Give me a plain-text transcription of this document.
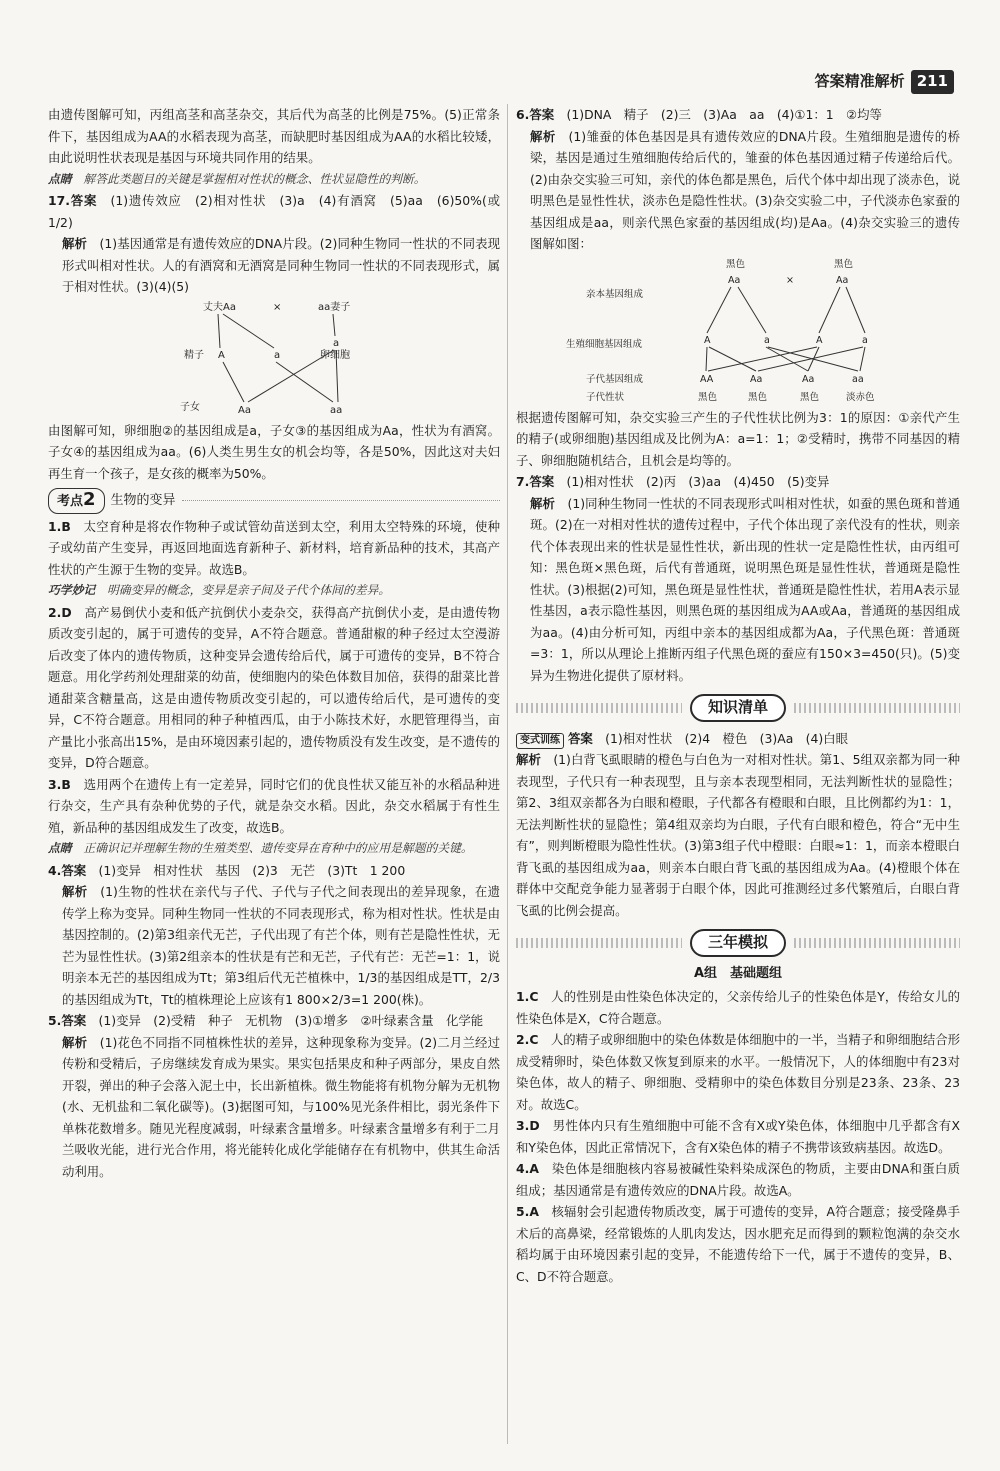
答案精准解析 211

由遗传图解可知，丙组高茎和高茎杂交，其后代为高茎的比例是75%。(5)正常条件下，基因组成为AA的水稻表现为高茎，而缺肥时基因组成为AA的水稻比较矮，由此说明性状表现是基因与环境共同作用的结果。

点睛　 解答此类题目的关键是掌握相对性状的概念、性状显隐性的判断。

17.答案　 (1)遗传效应　(2)相对性状　(3)a　(4)有酒窝　(5)aa　(6)50%(或1/2)

解析　 (1)基因通常是有遗传效应的DNA片段。(2)同种生物同一性状的不同表现形式叫相对性状。人的有酒窝和无酒窝是同种生物同一性状的不同表现形式，属于相对性状。(3)(4)(5)

丈夫Aa	×	aa妻子
精子	卵细胞
子女
A	a
a
Aa	aa

由图解可知，卵细胞②的基因组成是a，子女③的基因组成为Aa，性状为有酒窝。子女④的基因组成为aa。(6)人类生男生女的机会均等，各是50%，因此这对夫妇再生育一个孩子，是女孩的概率为50%。

考点2	生物的变异

1.B　 太空育种是将农作物种子或试管幼苗送到太空，利用太空特殊的环境，使种子或幼苗产生变异，再返回地面选育新种子、新材料，培育新品种的技术，其高产性状的产生源于生物的变异。故选B。

巧学妙记　 明确变异的概念，变异是亲子间及子代个体间的差异。

2.D　 高产易倒伏小麦和低产抗倒伏小麦杂交，获得高产抗倒伏小麦，是由遗传物质改变引起的，属于可遗传的变异，A不符合题意。普通甜椒的种子经过太空漫游后改变了体内的遗传物质，这种变异会遗传给后代，属于可遗传的变异，B不符合题意。用化学药剂处理甜菜的幼苗，使细胞内的染色体数目加倍，获得的甜菜比普通甜菜含糖量高，这是由遗传物质改变引起的，可以遗传给后代，是可遗传的变异，C不符合题意。用相同的种子种植西瓜，由于小陈技术好，水肥管理得当，亩产量比小张高出15%，是由环境因素引起的，遗传物质没有发生改变，是不遗传的变异，D符合题意。

3.B　 选用两个在遗传上有一定差异，同时它们的优良性状又能互补的水稻品种进行杂交，生产具有杂种优势的子代，就是杂交水稻。因此，杂交水稻属于有性生殖，新品种的基因组成发生了改变，故选B。

点睛　 正确识记并理解生物的生殖类型、遗传变异在育种中的应用是解题的关键。

4.答案　 (1)变异　相对性状　基因　(2)3　无芒　(3)Tt　1 200

解析　 (1)生物的性状在亲代与子代、子代与子代之间表现出的差异现象，在遗传学上称为变异。同种生物同一性状的不同表现形式，称为相对性状。性状是由基因控制的。(2)第3组亲代无芒，子代出现了有芒个体，则有芒是隐性性状，无芒为显性性状。(3)第2组亲本的性状是有芒和无芒，子代有芒：无芒=1：1，说明亲本无芒的基因组成为Tt；第3组后代无芒植株中，1/3的基因组成是TT，2/3的基因组成为Tt，Tt的植株理论上应该有1 800×2/3=1 200(株)。

5.答案　 (1)变异　(2)受精　种子　无机物　(3)①增多　②叶绿素含量　化学能

解析　 (1)花色不同指不同植株性状的差异，这种现象称为变异。(2)二月兰经过传粉和受精后，子房继续发育成为果实。果实包括果皮和种子两部分，果皮自然开裂，弹出的种子会落入泥土中，长出新植株。微生物能将有机物分解为无机物(水、无机盐和二氧化碳等)。(3)据图可知，与100%见光条件相比，弱光条件下单株花数增多。随见光程度减弱，叶绿素含量增多。叶绿素含量增多有利于二月兰吸收光能，进行光合作用，将光能转化成化学能储存在有机物中，供其生命活动利用。

6.答案　 (1)DNA　精子　(2)三　(3)Aa　aa　(4)①1：1　②均等

解析　 (1)雏蚕的体色基因是具有遗传效应的DNA片段。生殖细胞是遗传的桥梁，基因是通过生殖细胞传给后代的，雏蚕的体色基因通过精子传递给后代。(2)由杂交实验三可知，亲代的体色都是黑色，后代个体中却出现了淡赤色，说明黑色是显性性状，淡赤色是隐性性状。(3)杂交实验二中，子代淡赤色家蚕的基因组成是aa，则亲代黑色家蚕的基因组成(均)是Aa。(4)杂交实验三的遗传图解如图：

亲本基因组成
生殖细胞基因组成
子代基因组成
子代性状
黑色	黑色
Aa	×	Aa
A	a	A	a
AA	Aa	Aa	aa
黑色	黑色	黑色	淡赤色

根据遗传图解可知，杂交实验三产生的子代性状比例为3：1的原因：①亲代产生的精子(或卵细胞)基因组成及比例为A：a=1：1；②受精时，携带不同基因的精子、卵细胞随机结合，且机会是均等的。

7.答案　 (1)相对性状　(2)丙　(3)aa　(4)450　(5)变异

解析　 (1)同种生物同一性状的不同表现形式叫相对性状，如蚕的黑色斑和普通斑。(2)在一对相对性状的遗传过程中，子代个体出现了亲代没有的性状，则亲代个体表现出来的性状是显性性状，新出现的性状一定是隐性性状，由丙组可知：黑色斑×黑色斑，后代有普通斑，说明黑色斑是显性性状，普通斑是隐性性状。(3)根据(2)可知，黑色斑是显性性状，普通斑是隐性性状，若用A表示显性基因，a表示隐性基因，则黑色斑的基因组成为AA或Aa，普通斑的基因组成为aa。(4)由分析可知，丙组中亲本的基因组成都为Aa，子代黑色斑：普通斑=3：1，所以从理论上推断丙组子代黑色斑的蚕应有150×3=450(只)。(5)变异为生物进化提供了原材料。

知识清单

变式训练 答案　 (1)相对性状　(2)4　橙色　(3)Aa　(4)白眼

解析　 (1)白背飞虱眼睛的橙色与白色为一对相对性状。第1、5组双亲都为同一种表现型，子代只有一种表现型，且与亲本表现型相同，无法判断性状的显隐性；第2、3组双亲都各为白眼和橙眼，子代都各有橙眼和白眼，且比例都约为1：1，无法判断性状的显隐性；第4组双亲均为白眼，子代有白眼和橙色，符合“无中生有”，则判断橙眼为隐性性状。(3)第3组子代中橙眼：白眼≈1：1，而亲本橙眼白背飞虱的基因组成为aa，则亲本白眼白背飞虱的基因组成为Aa。(4)橙眼个体在群体中交配竞争能力显著弱于白眼个体，因此可推测经过多代繁殖后，白眼白背飞虱的比例会提高。

三年模拟
A组　基础题组

1.C　 人的性别是由性染色体决定的，父亲传给儿子的性染色体是Y，传给女儿的性染色体是X，C符合题意。

2.C　 人的精子或卵细胞中的染色体数是体细胞中的一半，当精子和卵细胞结合形成受精卵时，染色体数又恢复到原来的水平。一般情况下，人的体细胞中有23对染色体，故人的精子、卵细胞、受精卵中的染色体数目分别是23条、23条、23对。故选C。

3.D　 男性体内只有生殖细胞中可能不含有X或Y染色体，体细胞中几乎都含有X和Y染色体，因此正常情况下，含有X染色体的精子不携带该致病基因。故选D。

4.A　 染色体是细胞核内容易被碱性染料染成深色的物质，主要由DNA和蛋白质组成；基因通常是有遗传效应的DNA片段。故选A。

5.A　 核辐射会引起遗传物质改变，属于可遗传的变异，A符合题意；接受隆鼻手术后的高鼻梁，经常锻炼的人肌肉发达，因水肥充足而得到的颗粒饱满的杂交水稻均属于由环境因素引起的变异，不能遗传给下一代，属于不遗传的变异，B、C、D不符合题意。
